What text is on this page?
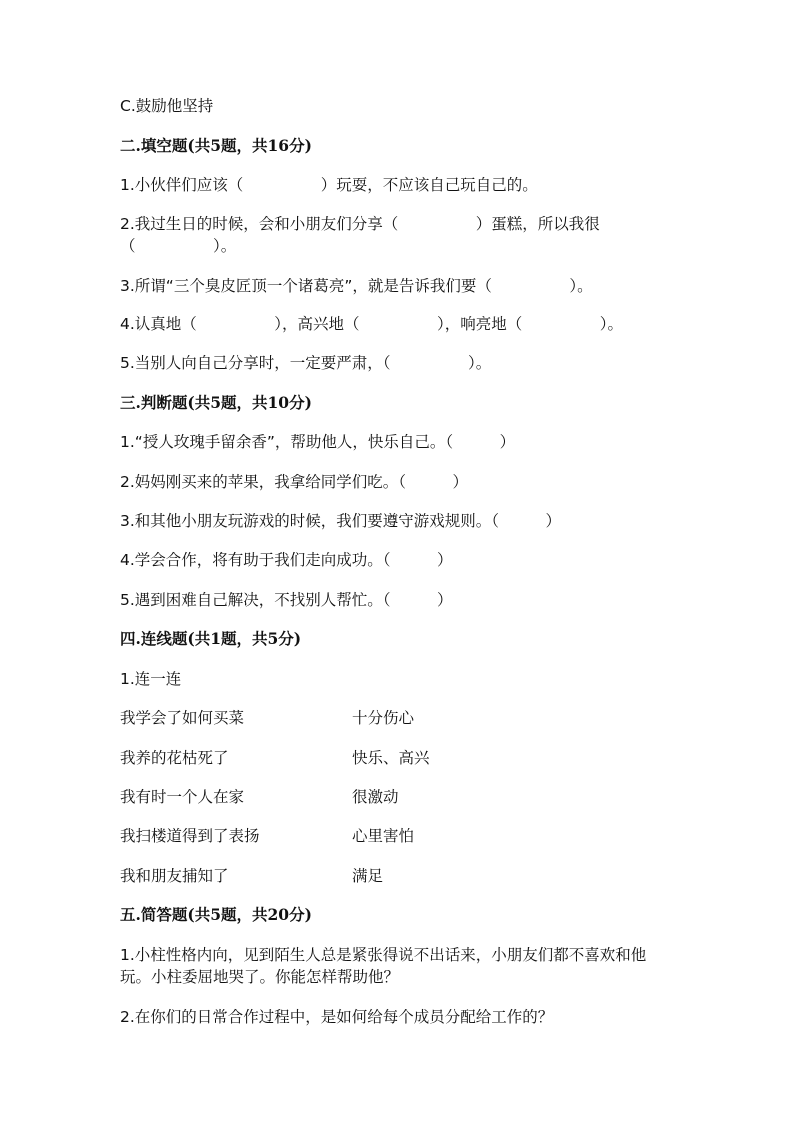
C.鼓励他坚持
二.填空题(共5题，共16分)
1.小伙伴们应该（　　　　　）玩耍，不应该自己玩自己的。
2.我过生日的时候，会和小朋友们分享（　　　　　）蛋糕，所以我很
（　　　　　）。
3.所谓“三个臭皮匠顶一个诸葛亮”，就是告诉我们要（　　　　　）。
4.认真地（　　　　　），高兴地（　　　　　），响亮地（　　　　　）。
5.当别人向自己分享时，一定要严肃，（　　　　　）。
三.判断题(共5题，共10分)
1.“授人玫瑰手留余香”，帮助他人，快乐自己。（　　　）
2.妈妈刚买来的苹果，我拿给同学们吃。（　　　）
3.和其他小朋友玩游戏的时候，我们要遵守游戏规则。（　　　）
4.学会合作，将有助于我们走向成功。（　　　）
5.遇到困难自己解决，不找别人帮忙。（　　　）
四.连线题(共1题，共5分)
1.连一连
我学会了如何买菜	十分伤心
我养的花枯死了	快乐、高兴
我有时一个人在家	很激动
我扫楼道得到了表扬	心里害怕
我和朋友捕知了	满足
五.简答题(共5题，共20分)
1.小柱性格内向，见到陌生人总是紧张得说不出话来，小朋友们都不喜欢和他
玩。小柱委屈地哭了。你能怎样帮助他？
2.在你们的日常合作过程中，是如何给每个成员分配给工作的？
